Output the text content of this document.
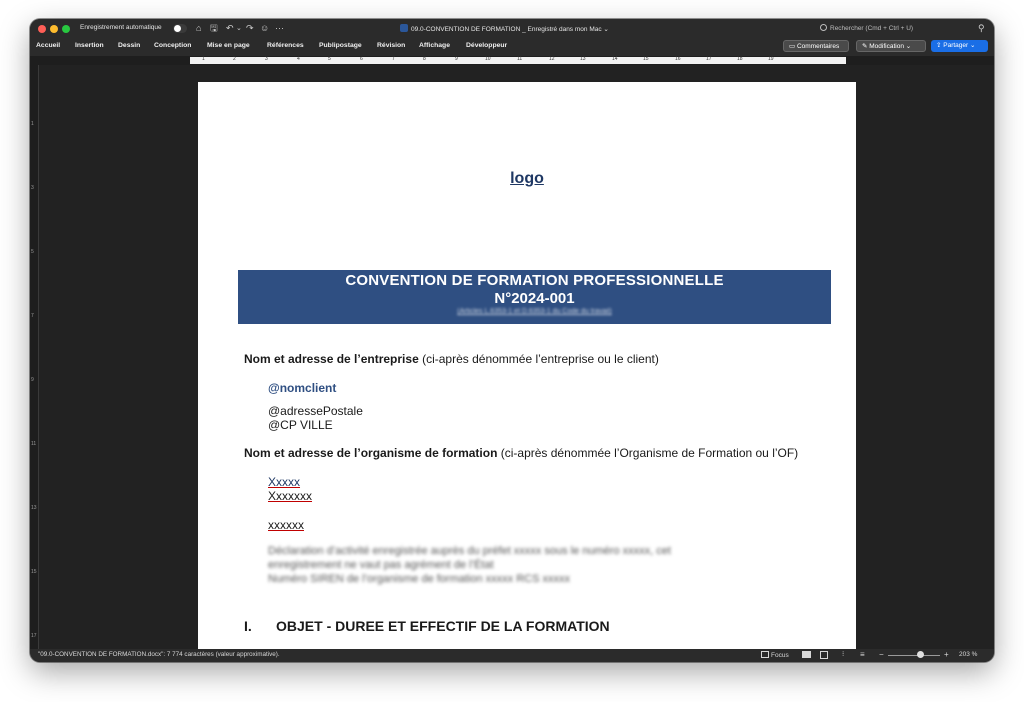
Enregistrement automatique	⌂ 🖫 ↶ ⌄ ↷ ☺ ···	09.0-CONVENTION DE FORMATION _ Enregistré dans mon Mac ⌄	Rechercher (Cmd + Ctrl + U)	⚲
Accueil Insertion Dessin Conception Mise en page	Références Publipostage Révision Affichage Développeur	▭ Commentaires	✎ Modification ⌄	⇪ Partager ⌄
1	2	3	4	5	6	7	8	9	10	11	12	13	14	15	16	17	18	19
1
3
5
7
9
11
13
15
17
logo
CONVENTION DE FORMATION PROFESSIONNELLE
N°2024-001
(Articles L.6353-1 et D.6353-1 du Code du travail)
Nom et adresse de l’entreprise (ci-après dénommée l’entreprise ou le client)
@nomclient
@adressePostale
@CP VILLE
Nom et adresse de l’organisme de formation (ci-après dénommée l’Organisme de Formation ou l’OF)
Xxxxx
Xxxxxxx
xxxxxx
Déclaration d’activité enregistrée auprès du préfet xxxxx sous le numéro xxxxx, cet
enregistrement ne vaut pas agrément de l’État
Numéro SIREN de l’organisme de formation xxxxx RCS xxxxx
I. OBJET - DUREE ET EFFECTIF DE LA FORMATION
"09.0-CONVENTION DE FORMATION.docx": 7 774 caractères (valeur approximative).	Focus	⁝	≡	−	+ 203 %
